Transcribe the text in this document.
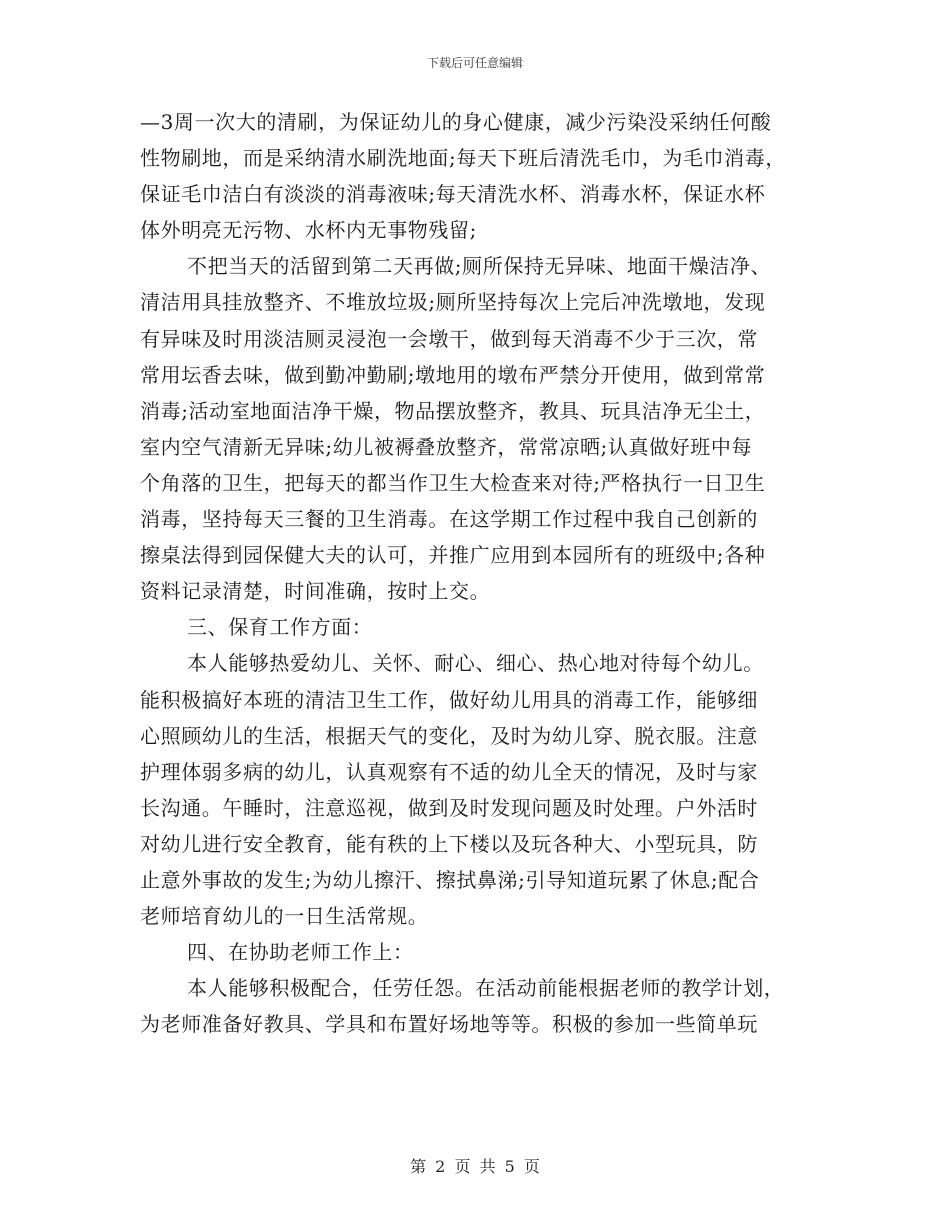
下载后可任意编辑
—3周一次大的清刷，为保证幼儿的身心健康，减少污染没采纳任何酸
性物刷地，而是采纳清水刷洗地面;每天下班后清洗毛巾，为毛巾消毒，
保证毛巾洁白有淡淡的消毒液味;每天清洗水杯、消毒水杯，保证水杯
体外明亮无污物、水杯内无事物残留;
不把当天的活留到第二天再做;厕所保持无异味、地面干燥洁净、
清洁用具挂放整齐、不堆放垃圾;厕所坚持每次上完后冲洗墩地，发现
有异味及时用淡洁厕灵浸泡一会墩干，做到每天消毒不少于三次，常
常用坛香去味，做到勤冲勤刷;墩地用的墩布严禁分开使用，做到常常
消毒;活动室地面洁净干燥，物品摆放整齐，教具、玩具洁净无尘土，
室内空气清新无异味;幼儿被褥叠放整齐，常常凉晒;认真做好班中每
个角落的卫生，把每天的都当作卫生大检查来对待;严格执行一日卫生
消毒，坚持每天三餐的卫生消毒。在这学期工作过程中我自己创新的
擦桌法得到园保健大夫的认可，并推广应用到本园所有的班级中;各种
资料记录清楚，时间准确，按时上交。
三、保育工作方面：
本人能够热爱幼儿、关怀、耐心、细心、热心地对待每个幼儿。
能积极搞好本班的清洁卫生工作，做好幼儿用具的消毒工作，能够细
心照顾幼儿的生活，根据天气的变化，及时为幼儿穿、脱衣服。注意
护理体弱多病的幼儿，认真观察有不适的幼儿全天的情况，及时与家
长沟通。午睡时，注意巡视，做到及时发现问题及时处理。户外活时
对幼儿进行安全教育，能有秩的上下楼以及玩各种大、小型玩具，防
止意外事故的发生;为幼儿擦汗、擦拭鼻涕;引导知道玩累了休息;配合
老师培育幼儿的一日生活常规。
四、在协助老师工作上：
本人能够积极配合，任劳任怨。在活动前能根据老师的教学计划，
为老师准备好教具、学具和布置好场地等等。积极的参加一些简单玩
第 2 页 共 5 页
